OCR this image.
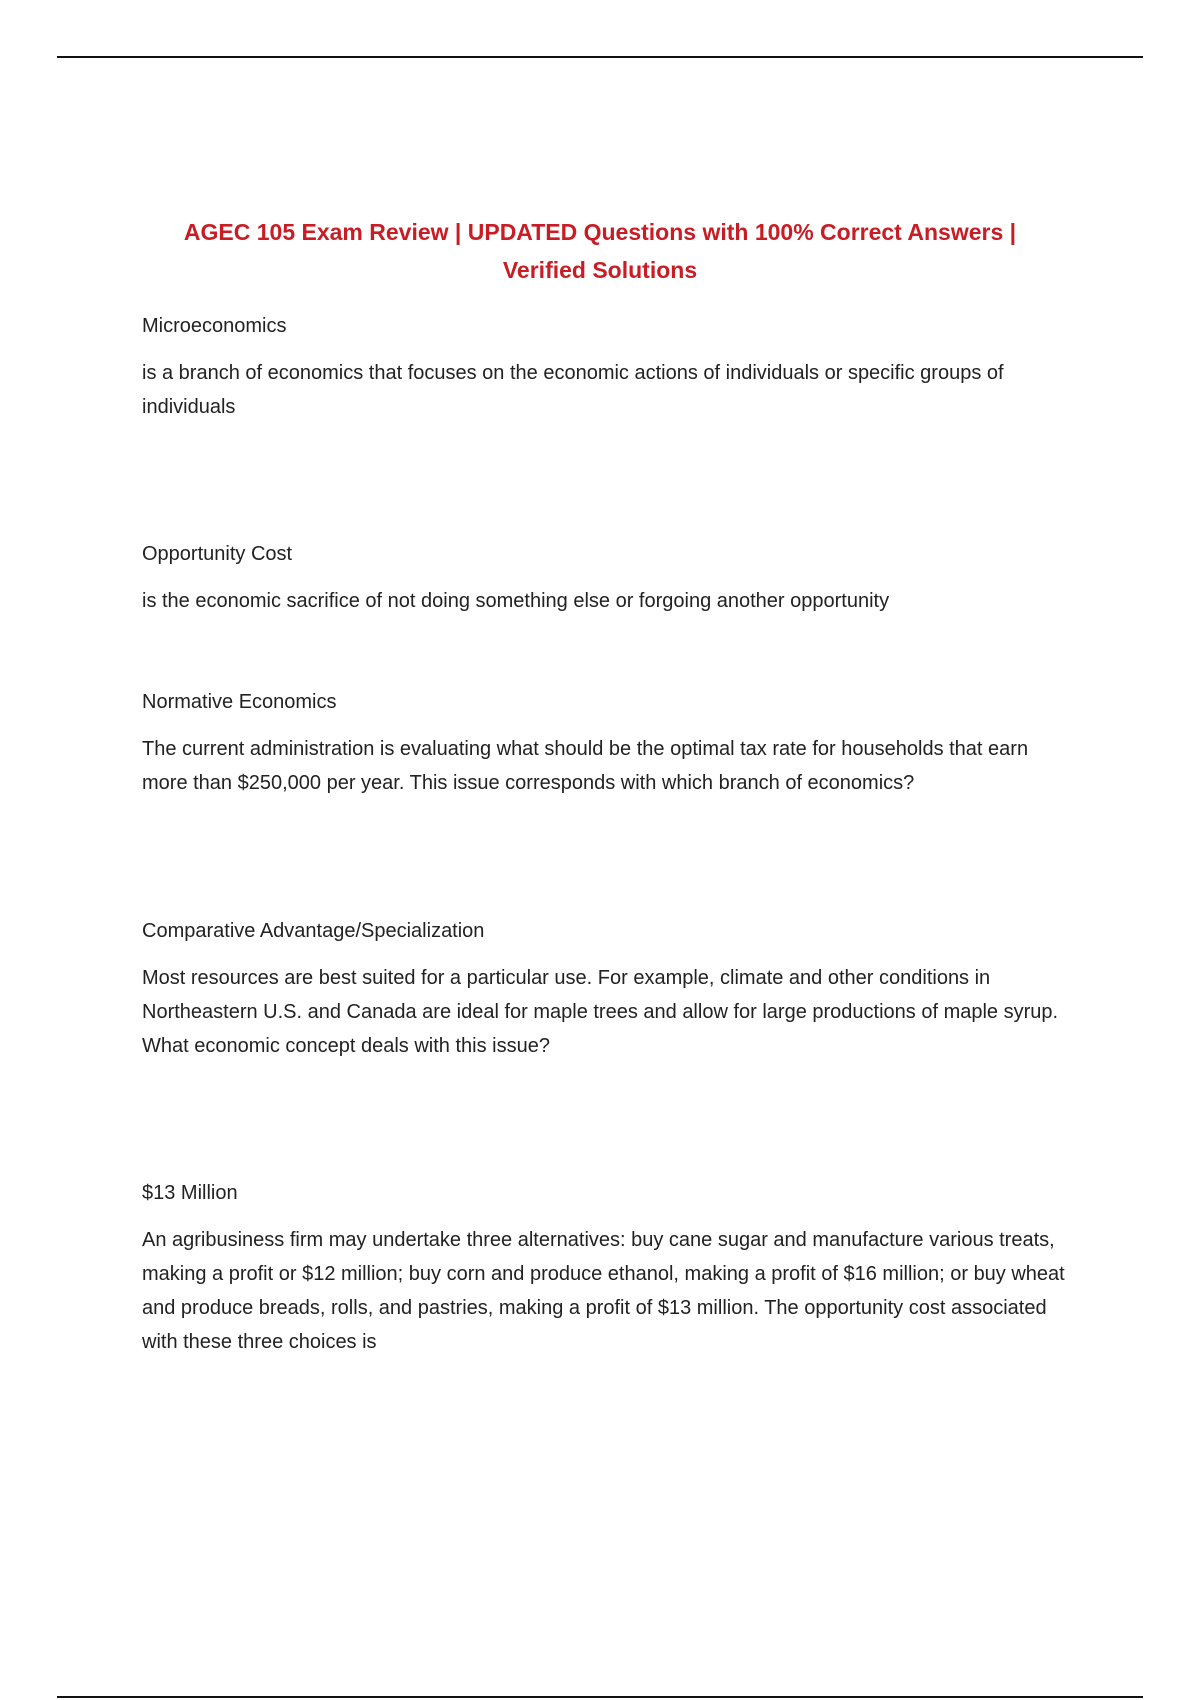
AGEC 105 Exam Review | UPDATED Questions with 100% Correct Answers | Verified Solutions

Microeconomics

is a branch of economics that focuses on the economic actions of individuals or specific groups of individuals

Opportunity Cost

is the economic sacrifice of not doing something else or forgoing another opportunity

Normative Economics

The current administration is evaluating what should be the optimal tax rate for households that earn more than $250,000 per year. This issue corresponds with which branch of economics?

Comparative Advantage/Specialization

Most resources are best suited for a particular use. For example, climate and other conditions in Northeastern U.S. and Canada are ideal for maple trees and allow for large productions of maple syrup. What economic concept deals with this issue?

$13 Million

An agribusiness firm may undertake three alternatives: buy cane sugar and manufacture various treats, making a profit or $12 million; buy corn and produce ethanol, making a profit of $16 million; or buy wheat and produce breads, rolls, and pastries, making a profit of $13 million. The opportunity cost associated with these three choices is
